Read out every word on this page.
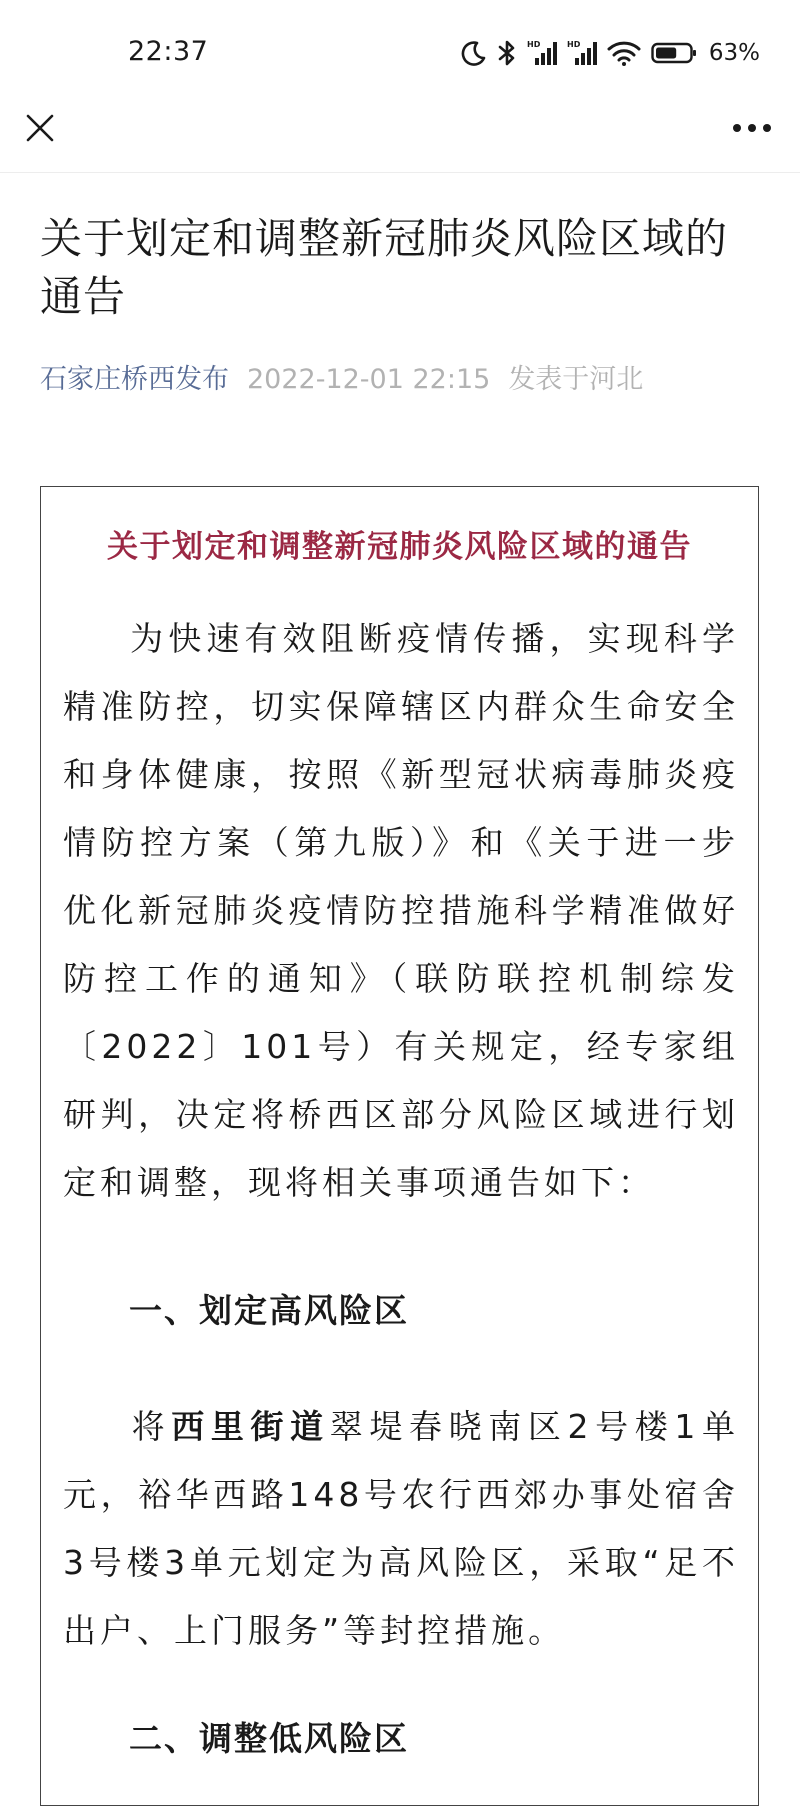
22:37	HD	HD	63%
关于划定和调整新冠肺炎风险区域的通告
石家庄桥西发布 2022-12-01 22:15 发表于河北
关于划定和调整新冠肺炎风险区域的通告

为快速有效阻断疫情传播，实现科学精准防控，切实保障辖区内群众生命安全和身体健康，按照《新型冠状病毒肺炎疫情防控方案（第九版）》和《关于进一步优化新冠肺炎疫情防控措施科学精准做好防控工作的通知》（联防联控机制综发〔2022〕101号）有关规定，经专家组研判，决定将桥西区部分风险区域进行划定和调整，现将相关事项通告如下：

一、划定高风险区

将西里街道翠堤春晓南区2号楼1单元，裕华西路148号农行西郊办事处宿舍3号楼3单元划定为高风险区，采取“足不出户、上门服务”等封控措施。

二、调整低风险区
